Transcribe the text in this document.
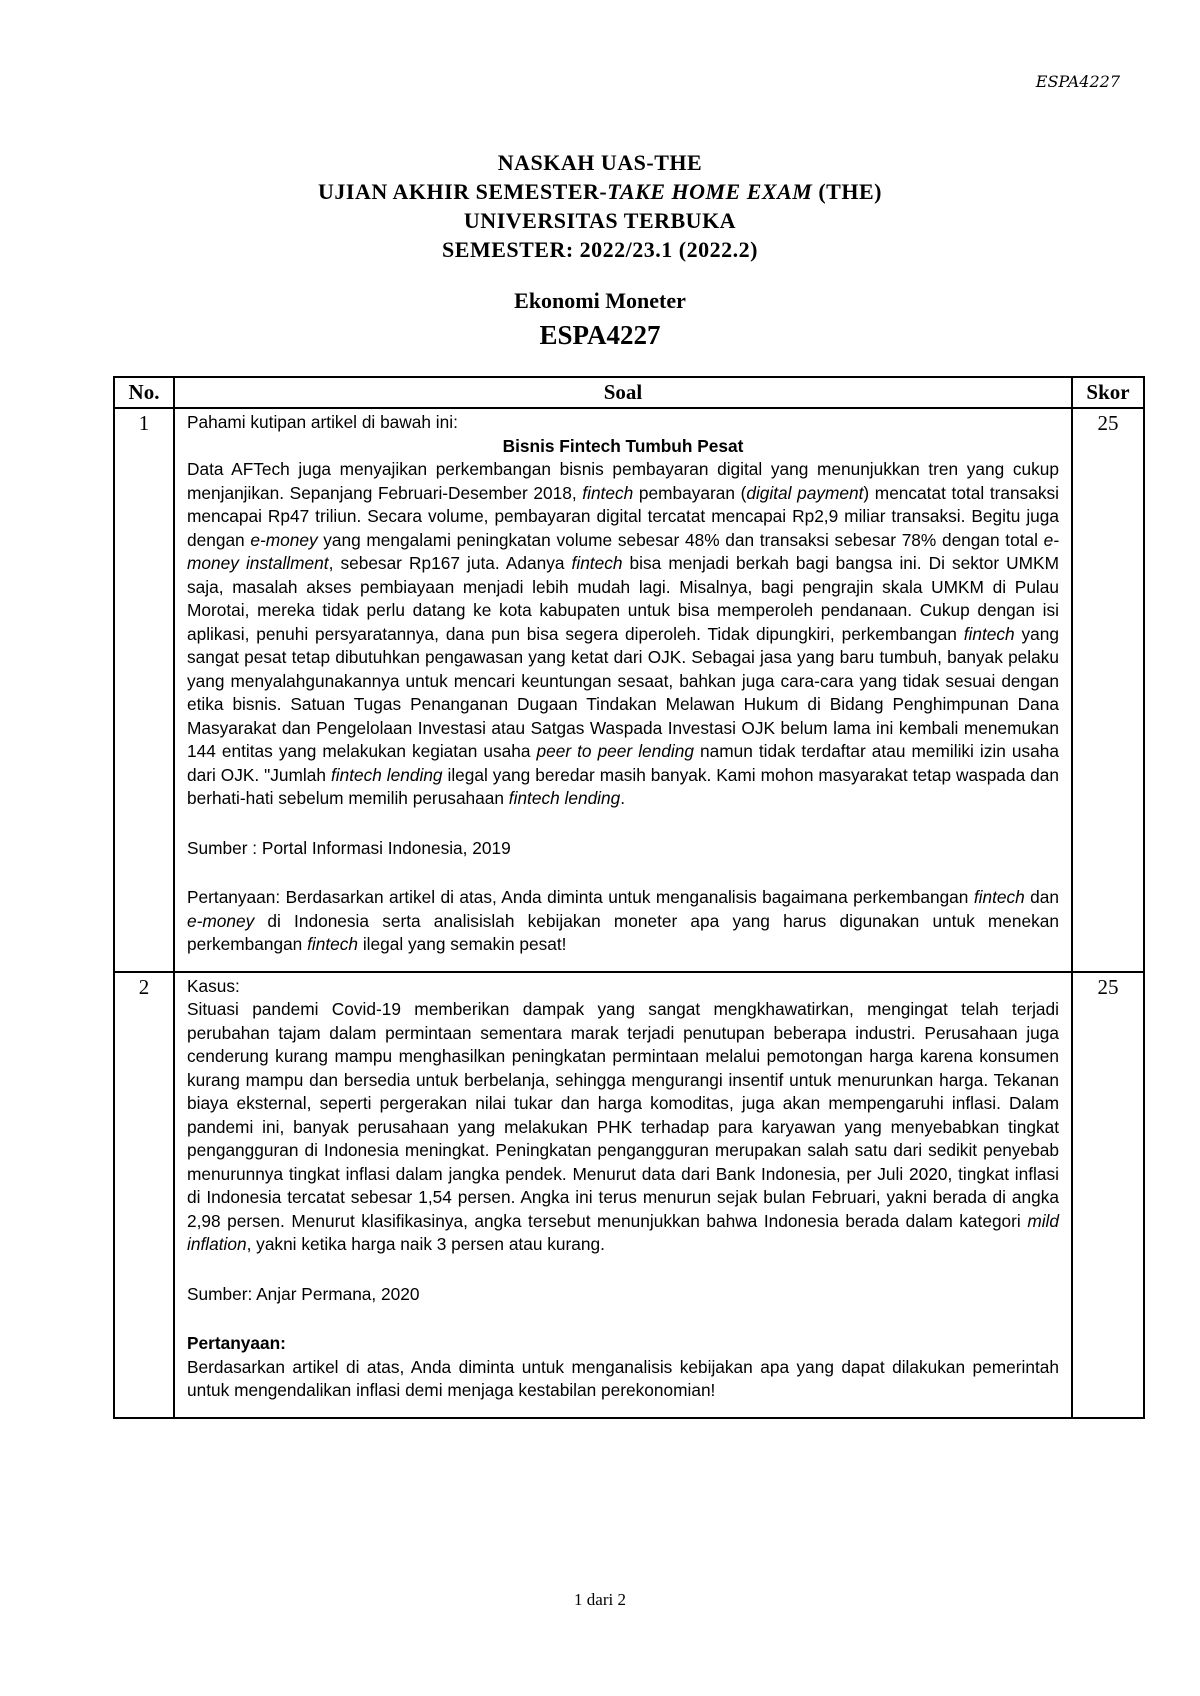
ESPA4227
NASKAH UAS-THE
UJIAN AKHIR SEMESTER-TAKE HOME EXAM (THE)
UNIVERSITAS TERBUKA
SEMESTER: 2022/23.1 (2022.2)
Ekonomi Moneter
ESPA4227
No.	Soal	Skor
1	Pahami kutipan artikel di bawah ini:

Bisnis Fintech Tumbuh Pesat

Data AFTech juga menyajikan perkembangan bisnis pembayaran digital yang menunjukkan tren yang cukup menjanjikan. Sepanjang Februari-Desember 2018, fintech pembayaran (digital payment) mencatat total transaksi mencapai Rp47 triliun. Secara volume, pembayaran digital tercatat mencapai Rp2,9 miliar transaksi. Begitu juga dengan e-money yang mengalami peningkatan volume sebesar 48% dan transaksi sebesar 78% dengan total e-money installment, sebesar Rp167 juta. Adanya fintech bisa menjadi berkah bagi bangsa ini. Di sektor UMKM saja, masalah akses pembiayaan menjadi lebih mudah lagi. Misalnya, bagi pengrajin skala UMKM di Pulau Morotai, mereka tidak perlu datang ke kota kabupaten untuk bisa memperoleh pendanaan. Cukup dengan isi aplikasi, penuhi persyaratannya, dana pun bisa segera diperoleh. Tidak dipungkiri, perkembangan fintech yang sangat pesat tetap dibutuhkan pengawasan yang ketat dari OJK. Sebagai jasa yang baru tumbuh, banyak pelaku yang menyalahgunakannya untuk mencari keuntungan sesaat, bahkan juga cara-cara yang tidak sesuai dengan etika bisnis. Satuan Tugas Penanganan Dugaan Tindakan Melawan Hukum di Bidang Penghimpunan Dana Masyarakat dan Pengelolaan Investasi atau Satgas Waspada Investasi OJK belum lama ini kembali menemukan 144 entitas yang melakukan kegiatan usaha peer to peer lending namun tidak terdaftar atau memiliki izin usaha dari OJK. "Jumlah fintech lending ilegal yang beredar masih banyak. Kami mohon masyarakat tetap waspada dan berhati-hati sebelum memilih perusahaan fintech lending.

Sumber : Portal Informasi Indonesia, 2019

Pertanyaan: Berdasarkan artikel di atas, Anda diminta untuk menganalisis bagaimana perkembangan fintech dan e-money di Indonesia serta analisislah kebijakan moneter apa yang harus digunakan untuk menekan perkembangan fintech ilegal yang semakin pesat!	25
2	Kasus:

Situasi pandemi Covid-19 memberikan dampak yang sangat mengkhawatirkan, mengingat telah terjadi perubahan tajam dalam permintaan sementara marak terjadi penutupan beberapa industri. Perusahaan juga cenderung kurang mampu menghasilkan peningkatan permintaan melalui pemotongan harga karena konsumen kurang mampu dan bersedia untuk berbelanja, sehingga mengurangi insentif untuk menurunkan harga. Tekanan biaya eksternal, seperti pergerakan nilai tukar dan harga komoditas, juga akan mempengaruhi inflasi. Dalam pandemi ini, banyak perusahaan yang melakukan PHK terhadap para karyawan yang menyebabkan tingkat pengangguran di Indonesia meningkat. Peningkatan pengangguran merupakan salah satu dari sedikit penyebab menurunnya tingkat inflasi dalam jangka pendek. Menurut data dari Bank Indonesia, per Juli 2020, tingkat inflasi di Indonesia tercatat sebesar 1,54 persen. Angka ini terus menurun sejak bulan Februari, yakni berada di angka 2,98 persen. Menurut klasifikasinya, angka tersebut menunjukkan bahwa Indonesia berada dalam kategori mild inflation, yakni ketika harga naik 3 persen atau kurang.

Sumber: Anjar Permana, 2020

Pertanyaan:

Berdasarkan artikel di atas, Anda diminta untuk menganalisis kebijakan apa yang dapat dilakukan pemerintah untuk mengendalikan inflasi demi menjaga kestabilan perekonomian!	25
1 dari 2
